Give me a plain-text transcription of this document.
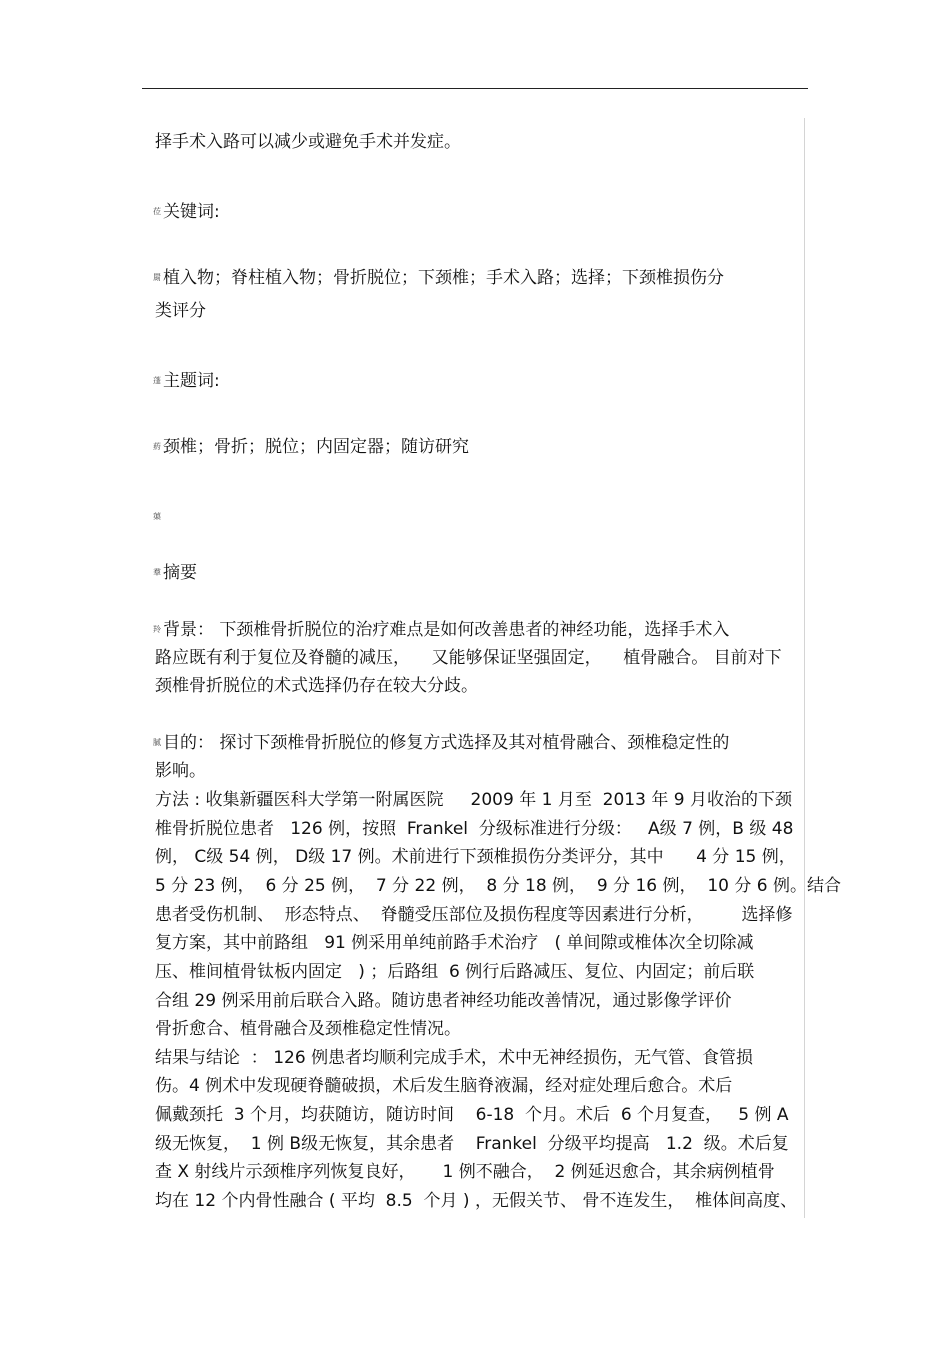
择手术入路可以减少或避免手术并发症。
莅 关键词:
罽 植入物；脊柱植入物；骨折脱位；下颈椎；手术入路；选择；下颈椎损伤分
类评分
蓬 主题词:
葯 颈椎；骨折；脱位；内固定器；随访研究
蕖
羣 摘要
羚 背景： 下颈椎骨折脱位的治疗难点是如何改善患者的神经功能，选择手术入
路应既有利于复位及脊髓的减压，    又能够保证坚强固定，    植骨融合。 目前对下
颈椎骨折脱位的术式选择仍存在较大分歧。
膩 目的： 探讨下颈椎骨折脱位的修复方式选择及其对植骨融合、颈椎稳定性的
影响。
方法 : 收集新疆医科大学第一附属医院     2009 年 1 月至  2013 年 9 月收治的下颈
椎骨折脱位患者   126 例，按照  Frankel  分级标准进行分级：   A级 7 例，B 级 48
例， C级 54 例， D级 17 例。术前进行下颈椎损伤分类评分，其中      4 分 15 例，
5 分 23 例，  6 分 25 例，  7 分 22 例，  8 分 18 例，  9 分 16 例，  10 分 6 例。结合
患者受伤机制、  形态特点、  脊髓受压部位及损伤程度等因素进行分析，       选择修
复方案，其中前路组   91 例采用单纯前路手术治疗   ( 单间隙或椎体次全切除减
压、椎间植骨钛板内固定   ) ；后路组  6 例行后路减压、复位、内固定；前后联
合组 29 例采用前后联合入路。随访患者神经功能改善情况，通过影像学评价
骨折愈合、植骨融合及颈椎稳定性情况。
结果与结论  ： 126 例患者均顺利完成手术，术中无神经损伤，无气管、食管损
伤。4 例术中发现硬脊髓破损，术后发生脑脊液漏，经对症处理后愈合。术后
佩戴颈托  3 个月，均获随访，随访时间    6-18  个月。术后  6 个月复查，   5 例 A
级无恢复，  1 例 B级无恢复，其余患者    Frankel  分级平均提高   1.2  级。术后复
查 X 射线片示颈椎序列恢复良好，     1 例不融合，  2 例延迟愈合，其余病例植骨
均在 12 个内骨性融合 ( 平均  8.5  个月 ) ，无假关节、 骨不连发生，  椎体间高度、
